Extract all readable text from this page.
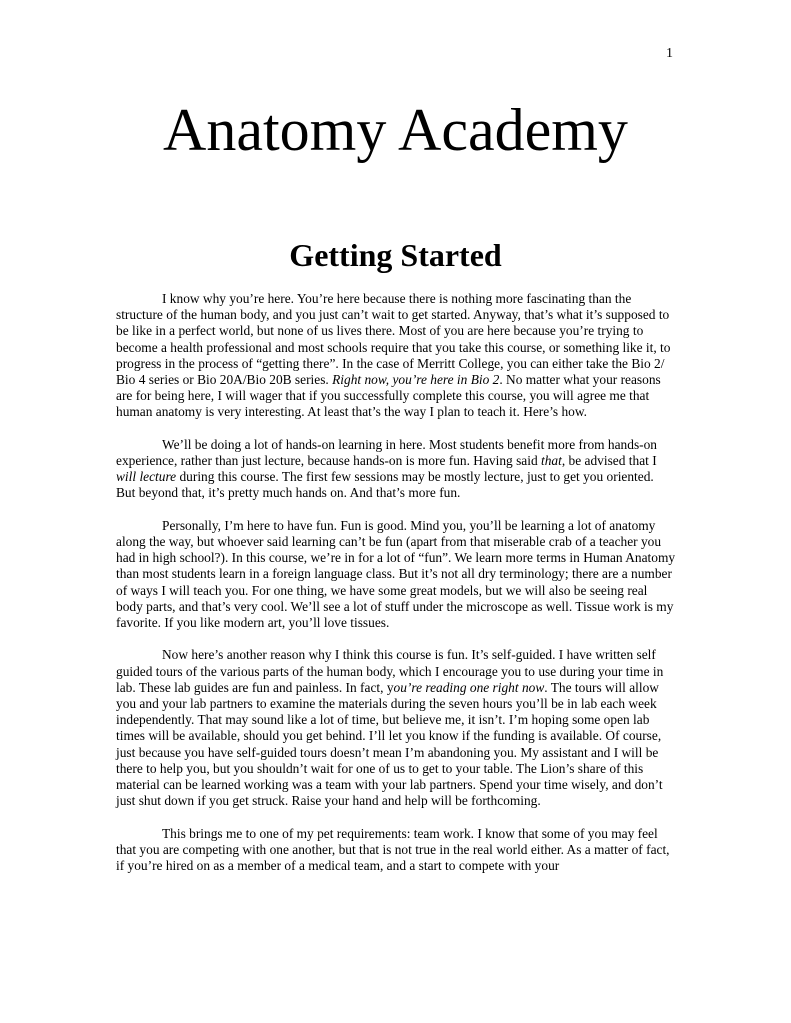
1
Anatomy Academy
Getting Started

I know why you’re here. You’re here because there is nothing more fascinating than the structure of the human body, and you just can’t wait to get started. Anyway, that’s what it’s supposed to be like in a perfect world, but none of us lives there. Most of you are here because you’re trying to become a health professional and most schools require that you take this course, or something like it, to progress in the process of “getting there”. In the case of Merritt College, you can either take the Bio 2/ Bio 4 series or Bio 20A/Bio 20B series. Right now, you’re here in Bio 2. No matter what your reasons are for being here, I will wager that if you successfully complete this course, you will agree me that human anatomy is very interesting. At least that’s the way I plan to teach it. Here’s how.

We’ll be doing a lot of hands-on learning in here. Most students benefit more from hands-on experience, rather than just lecture, because hands-on is more fun. Having said that, be advised that I will lecture during this course. The first few sessions may be mostly lecture, just to get you oriented. But beyond that, it’s pretty much hands on. And that’s more fun.

Personally, I’m here to have fun. Fun is good. Mind you, you’ll be learning a lot of anatomy along the way, but whoever said learning can’t be fun (apart from that miserable crab of a teacher you had in high school?). In this course, we’re in for a lot of “fun”. We learn more terms in Human Anatomy than most students learn in a foreign language class. But it’s not all dry terminology; there are a number of ways I will teach you. For one thing, we have some great models, but we will also be seeing real body parts, and that’s very cool. We’ll see a lot of stuff under the microscope as well. Tissue work is my favorite. If you like modern art, you’ll love tissues.

Now here’s another reason why I think this course is fun. It’s self-guided. I have written self guided tours of the various parts of the human body, which I encourage you to use during your time in lab. These lab guides are fun and painless. In fact, you’re reading one right now. The tours will allow you and your lab partners to examine the materials during the seven hours you’ll be in lab each week independently. That may sound like a lot of time, but believe me, it isn’t. I’m hoping some open lab times will be available, should you get behind. I’ll let you know if the funding is available. Of course, just because you have self-guided tours doesn’t mean I’m abandoning you. My assistant and I will be there to help you, but you shouldn’t wait for one of us to get to your table. The Lion’s share of this material can be learned working was a team with your lab partners. Spend your time wisely, and don’t just shut down if you get struck. Raise your hand and help will be forthcoming.

This brings me to one of my pet requirements: team work. I know that some of you may feel that you are competing with one another, but that is not true in the real world either. As a matter of fact, if you’re hired on as a member of a medical team, and a start to compete with your
